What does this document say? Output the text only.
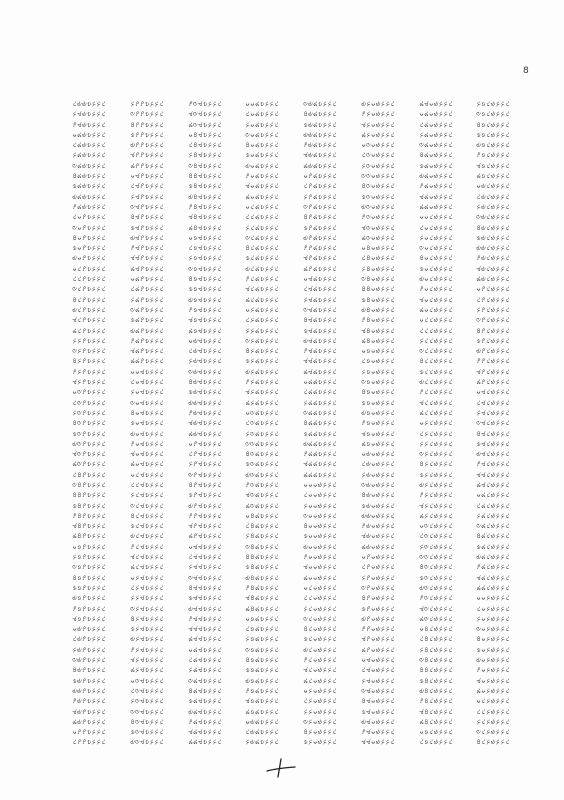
8
১২২৫৬৬১
১২২৫৬৮২
১২২৫৬৮৭
১২২৫৬৯০
১২২৫৬৯১
১২২৫৬৯২
১২২৫৬৯৩
১২২৫৬৯৪
১২২৫৬৯৫
১২২৫৬৯৬
১২২৫৬৯৭
১২২৫৭০১
১২২৫৭০৩
১২২৫৭০৪
১২২৫৭০৫
১২২৫৭০৬
১২২৫৭১০
১২২৫৭১১
১২২৫৭১৩
১২২৫৭১৪
১২২৫৭১৬
১২২৫৭১৮
১২২৫৭১৯
১২২৫৭২২
১২২৫৭২৩
১২২৫৭২৪
১২২৫৭২৭
১২২৫৭২৮
১২২৫৭৩০
১২২৫৭৩১
১২২৫৭৩২
১২২৫৭৩৪
১২২৫৭৩৫
১২২৫৭৩৬
১২২৫৭৩৮
১২২৫৭৩৯
১২২৫৭৪১
১২২৫৭৪৩
১২২৫৭৪৪
১২২৫৭৪৫
১২২৫৭৪৭
১২২৫৭৪৮
১২২৫৭৪৯
১২২৫৭৫০
১২২৫৭৫২
১২২৫৭৫৩
১২২৫৭৫৪
১২২৫৭৫৫
১২২৫৭৫৬
১২২৫৭৫৭
১২২৫৭৫৮
১২২৫৭৬০
১২২৫৭৬১
১২২৫৭৬২
১২২৫৭৬৩
১২২৫৭৬৪
১২২৫৭৬৫
১২২৫৭৬৬
১২২৫৭৬৭
১২২৫৭৬৮
১২২৫৭৬৯
১২২৫৭৭০
১২২৫৭৭১
১২২৫৭৭২
১২২৫৭৭৩
১২২৫৭৭৪
১২২৫৭৭৫
১২২৫৭৭৬
১২২৫৭৭৮
১২২৫৭৭৯
১২২৫৭৮০
১২২৫৭৮১
১২২৫৭৮২
১২২৫৭৮৩
১২২৫৭৮৪
১২২৫৭৮৫
১২২৫৭৮৬
১২২৫৭৮৭
১২২৫৭৮৮
১২২৫৭৮৯
১২২৫৭৯০
১২২৫৭৯১
১২২৫৭৯২
১২২৫৭৯৩
১২২৫৭৯৫
১২২৫৭৯৬
১২২৫৭৯৭
১২২৫৭৯৮
১২২৫৭৯৯
১২২৫৮০০
১২২৫৮০১
১২২৫৮০২
১২২৫৮০৩
১২২৫৮০৪
১২২৫৮০৫
১২২৫৮০৬
১২২৫৮০৭
১২২৫৮০৮
১২২৫৮০৯
১২২৫৮১০
১২২৫৮১১
১২২৫৮১২
১২২৫৮১৩
১২২৫৮১৪
১২২৫৮১৫
১২২৫৮১৬
১২২৫৮১৭
১২২৫৮১৮
১২২৫৮১৯
১২২৫৮২০
১২২৫৮২১
১২২৫৮২২
১২২৫৮২৩
১২২৫৮২৪
১২২৫৮২৫
১২২৫৮২৬
১২২৫৮২৭
১২২৫৮২৮
১২২৫৮২৯
১২২৫৮৩০
১২২৫৮৩১
১২২৫৮৩২
১২২৫৮৩৩
১২২৫৮৩৪
১২২৫৮৩৫
১২২৫৮৩৬
১২২৫৮৩৭
১২২৫৮৩৮
১২২৫৮৩৯
১২২৫৮৪০
১২২৫৮৪১
১২২৫৮৪২
১২২৫৮৪৩
১২২৫৮৪৪
১২২৫৮৪৫
১২২৫৮৪৬
১২২৫৮৪৭
১২২৫৮৪৮
১২২৫৮৪৯
১২২৫৮৫০
১২২৫৮৫১
১২২৫৮৫২
১২২৫৮৫৩
১২২৫৮৫৪
১২২৫৮৫৫
১২২৫৮৫৬
১২২৫৮৫৭
১২২৫৮৫৮
১২২৫৮৫৯
১২২৫৮৬০
১২২৫৮৬১
১২২৫৮৬২
১২২৫৮৬৩
১২২৫৮৬৪
১২২৫৮৬৫
১২২৫৮৬৬
১২২৫৮৬৭
১২২৫৮৬৮
১২২৫৮৬৯
১২২৫৮৭০
১২২৫৮৭১
১২২৫৮৭২
১২২৫৮৭৩
১২২৫৮৭৪
১২২৫৮৭৫
১২২৫৮৭৬
১২২৫৮৭৭
১২২৫৮৭৮
১২২৫৮৭৯
১২২৫৮৮০
১২২৫৮৮১
১২২৫৮৮২
১২২৫৮৮৩
১২২৫৮৮৪
১২২৫৮৮৫
১২২৫৮৮৬
১২২৫৮৮৭
১২২৫৮৮৮
১২২৫৮৮৯
১২২৫৮৯০
১২২৫৮৯১
১২২৫৮৯২
১২২৫৮৯৩
১২২৫৮৯৪
১২২৫৮৯৫
১২২৫৮৯৬
১২২৫৮৯৭
১২২৫৮৯৮
১২২৫৮৯৯
১২২৫৯০০
১২২৫৯০১
১২২৫৯০২
১২২৫৯০৩
১২২৫৯০৪
১২২৫৯০৫
১২২৫৯০৬
১২২৫৯০৭
১২২৫৯০৮
১২২৫৯০৯
১২২৫৯১০
১২২৫৯১১
১২২৫৯১২
১২২৫৯১৩
১২২৫৯১৪
১২২৫৯১৫
১২২৫৯১৬
১২২৫৯১৭
১২২৫৯১৮
১২২৫৯১৯
১২২৫৯২০
১২২৫৯২১
১২২৫৯২২
১২২৫৯২৩
১২২৫৯২৪
১২২৫৯২৫
১২২৫৯২৬
১২২৫৯২৭
১২২৫৯২৮
১২২৫৯২৯
১২২৫৯৩০
১২২৫৯৩১
১২২৫৯৩২
১২২৫৯৩৩
১২২৫৯৩৪
১২২৫৯৩৫
১২২৫৯৩৬
১২২৫৯৩৭
১২২৫৯৩৮
১২২৫৯৩৯
১২২৫৯৪০
১২২৫৯৪১
১২২৫৯৪২
১২২৫৯৪৩
১২২৫৯৪৪
১২২৫৯৪৫
১২২৫৯৪৬
১২২৫৯৪৭
১২২৫৯৪৮
১২২৫৯৪৯
১২২৫৯৫০
১২২৫৯৫১
১২২৫৯৫২
১২২৫৯৫৩
১২২৫৯৫৪
১২২৫৯৫৫
১২২৫৯৫৬
১২২৫৯৫৭
১২২৫৯৫৮
১২২৫৯৫৯
১২২৫৯৬০
১২২৫৯৬১
১২২৫৯৬২
১২২৫৯৬৩
১২২৫৯৬৪
১২২৫৯৬৫
১২২৫৯৬৬
১২২৫৯৬৭
১২২৫৯৬৮
১২২৫৯৬৯
১২২৫৯৭০
১২২৫৯৭১
১২২৫৯৭২
১২২৫৯৭৩
১২২৫৯৭৪
১২২৫৯৭৫
১২২৫৯৭৬
১২২৫৯৭৭
১২২৫৯৭৮
১২২৫৯৭৯
১২২৫৯৮০
১২২৫৯৮১
১২২৫৯৮২
১২২৫৯৮৩
১২২৫৯৮৪
১২২৫৯৮৫
১২২৫৯৮৬
১২২৫৯৮৭
১২২৫৯৮৮
১২২৫৯৮৯
১২২৫৯৯০
১২২৫৯৯১
১২২৫৯৯২
১২২৫৯৯৩
১২২৫৯৯৪
১২২৫৯৯৫
১২২৫৯৯৬
১২২৫৯৯৭
১২২৫৯৯৮
১২২৫৯৯৯
১২২৬০০০
১২২৬০০১
১২২৬০০২
১২২৬০০৩
১২২৬০০৪
১২২৬০০৫
১২২৬০০৬
১২২৬০০৭
১২২৬০০৮
১২২৬০০৯
১২২৬০১০
১২২৬০১১
১২২৬০১২
১২২৬০১৩
১২২৬০১৪
১২২৬০১৫
১২২৬০১৬
১২২৬০১৭
১২২৬০১৮
১২২৬০১৯
১২২৬০২০
১২২৬০২১
১২২৬০২২
১২২৬০২৩
১২২৬০২৪
১২২৬০২৫
১২২৬০২৬
১২২৬০২৭
১২২৬০২৮
১২২৬০২৯
১২২৬০৩০
১২২৬০৩১
১২২৬০৩২
১২২৬০৩৩
১২২৬০৩৪
১২২৬০৩৫
১২২৬০৩৬
১২২৬০৩৭
১২২৬০৩৮
১২২৬০৩৯
১২২৬০৪০
১২২৬০৪১
১২২৬০৪২
১২২৬০৪৩
১২২৬০৪৪
১২২৬০৪৫
১২২৬০৪৬
১২২৬০৪৭
১২২৬০৪৮
১২২৬০৪৯
১২২৬০৫০
১২২৬০৫১
১২২৬০৫২
১২২৬০৫৩
১২২৬০৫৪
১২২৬০৫৫
১২২৬০৫৬
১২২৬০৫৭
১২২৬০৫৮
১২২৬০৫৯
১২২৬০৬০
১২২৬০৬১
১২২৬০৬২
১২২৬০৬৩
১২২৬০৬৪
১২২৬০৬৫
১২২৬০৬৬
১২২৬০৬৭
১২২৬০৬৮
১২২৬০৬৯
১২২৬০৭০
১২২৬০৭১
১২২৬০৭২
১২২৬০৭৩
১২২৬০৭৪
১২২৬০৭৫
১২২৬০৭৬
১২২৬০৭৭
১২২৬০৭৮
১২২৬০৭৯
১২২৬০৮০
১২২৬০৮১
১২২৬০৮২
১২২৬০৮৩
১২২৬০৮৪
১২২৬০৮৫
১২২৬০৮৬
১২২৬০৮৭
১২২৬০৮৮
১২২৬০৮৯
১২২৬০৯০
১২২৬০৯১
১২২৬০৯২
১২২৬০৯৩
১২২৬০৯৪
১২২৬০৯৫
১২২৬০৯৬
১২২৬০৯৭
১২২৬০৯৮
১২২৬০৯৯
১২২৬১০০
১২২৬১০১
১২২৬১০২
১২২৬১০৩
১২২৬১০৪
১২২৬১০৫
১২২৬১০৬
১২২৬১০৭
১২২৬১০৮
১২২৬১০৯
১২২৬১১০
১২২৬১১১
১২২৬১১২
১২২৬১১৩
১২২৬১১৪
১২২৬১১৫
১২২৬১১৬
১২২৬১১৭
১২২৬১১৮
১২২৬১১৯
১২২৬১২০
১২২৬১২১
১২২৬১২২
১২২৬১২৩
১২২৬১২৪
১২২৬১২৫
১২২৬১২৬
১২২৬১২৭
১২২৬১২৮
১২২৬১২৯
১২২৬১৩০
১২২৬১৩১
১২২৬১৩২
১২২৬১৩৩
১২২৬১৩৪
১২২৬১৩৫
১২২৬১৩৬
১২২৬১৩৭
১২২৬১৩৮
১২২৬১৩৯
১২২৬১৪০
১২২৬১৪১
১২২৬১৪২
১২২৬১৪৩
১২২৬১৪৪
১২২৬১৪৫
১২২৬১৪৬
১২২৬১৪৭
১২২৬১৪৮
১২২৬১৪৯
১২২৬১৫০
১২২৬১৫১
১২২৬১৫২
১২২৬১৫৩
১২২৬১৫৪
১২২৬১৫৫
১২২৬১৫৬
১২২৬১৫৭
১২২৬১৫৮
১২২৬১৫৯
১২২৬১৬০
১২২৬১৬১
১২২৬১৬২
১২২৬১৬৩
১২২৬১৬৪
১২২৬১৬৫
১২২৬১৬৬
১২২৬১৬৭
১২২৬১৬৮
১২২৬১৬৯
১২২৬১৭০
১২২৬১৭১
১২২৬১৭২
১২২৬১৭৩
১২২৬১৭৪
১২২৬১৭৫
১২২৬১৭৬
১২২৬১৭৭
১২২৬১৭৮
১২২৬১৭৯
১২২৬১৮০
১২২৬১৮১
১২২৬১৮২
১২২৬১৮৩
১২২৬১৮৪
১২২৬১৮৫
১২২৬১৮৬
১২২৬১৮৭
১২২৬১৮৮
১২২৬১৮৯
১২২৬১৯০
১২২৬১৯১
১২২৬১৯২
১২২৬১৯৩
১২২৬১৯৪
১২২৬১৯৫
১২২৬১৯৬
১২২৬১৯৭
১২২৬১৯৮
১২২৬১৯৯
১২২৬২০০
১২২৬২০১
১২২৬২০২
১২২৬২০৩
১২২৬২০৪
১২২৬২০৫
১২২৬২০৬
১২২৬২০৭
১২২৬২০৮
১২২৬২০৯
১২২৬২১০
১২২৬২১১
১২২৬২১২
১২২৬২১৩
১২২৬২১৪
